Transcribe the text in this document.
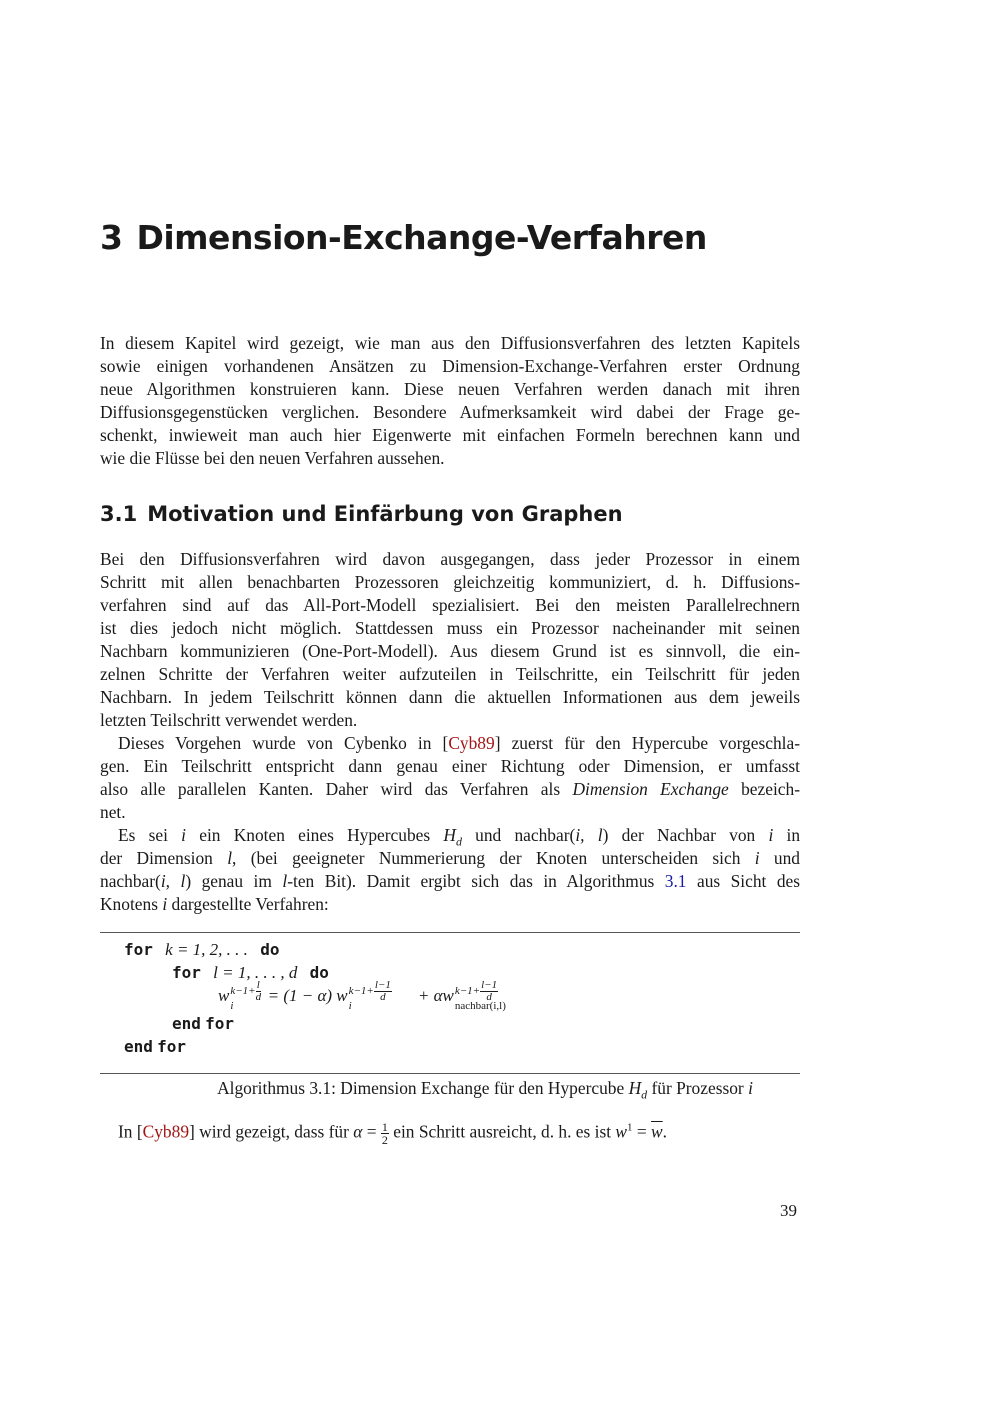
3 Dimension-Exchange-Verfahren
In diesem Kapitel wird gezeigt, wie man aus den Diffusionsverfahren des letzten Kapitels
sowie einigen vorhandenen Ansätzen zu Dimension-Exchange-Verfahren erster Ordnung
neue Algorithmen konstruieren kann. Diese neuen Verfahren werden danach mit ihren
Diffusionsgegenstücken verglichen. Besondere Aufmerksamkeit wird dabei der Frage ge-
schenkt, inwieweit man auch hier Eigenwerte mit einfachen Formeln berechnen kann und
wie die Flüsse bei den neuen Verfahren aussehen.
3.1 Motivation und Einfärbung von Graphen
Bei den Diffusionsverfahren wird davon ausgegangen, dass jeder Prozessor in einem
Schritt mit allen benachbarten Prozessoren gleichzeitig kommuniziert, d. h. Diffusions-
verfahren sind auf das All-Port-Modell spezialisiert. Bei den meisten Parallelrechnern
ist dies jedoch nicht möglich. Stattdessen muss ein Prozessor nacheinander mit seinen
Nachbarn kommunizieren (One-Port-Modell). Aus diesem Grund ist es sinnvoll, die ein-
zelnen Schritte der Verfahren weiter aufzuteilen in Teilschritte, ein Teilschritt für jeden
Nachbarn. In jedem Teilschritt können dann die aktuellen Informationen aus dem jeweils
letzten Teilschritt verwendet werden.
Dieses Vorgehen wurde von Cybenko in [Cyb89] zuerst für den Hypercube vorgeschla-
gen. Ein Teilschritt entspricht dann genau einer Richtung oder Dimension, er umfasst
also alle parallelen Kanten. Daher wird das Verfahren als Dimension Exchange bezeich-
net.
Es sei i ein Knoten eines Hypercubes $H_d$ und nachbar(i, l) der Nachbar von i in
der Dimension l, (bei geeigneter Nummerierung der Knoten unterscheiden sich i und
nachbar(i, l) genau im l-ten Bit). Damit ergibt sich das in Algorithmus 3.1 aus Sicht des
Knotens i dargestellte Verfahren:
for k = 1, 2, . . . do
for l = 1, . . . , d do
w $k-1+ \frac{l}{d}$
i
= (1 − α) w $k-1+ \frac{l-1}{d}$
i
+ αw $k-1+ \frac{l-1}{d}$
nachbar(i,l)
end for
end for
Algorithmus 3.1: Dimension Exchange für den Hypercube $H_d$ für Prozessor i
In [Cyb89] wird gezeigt, dass für $\alpha = \frac{1}{2}$ ein Schritt ausreicht, d. h. es ist $w^1 = \overline{w}$.
39
